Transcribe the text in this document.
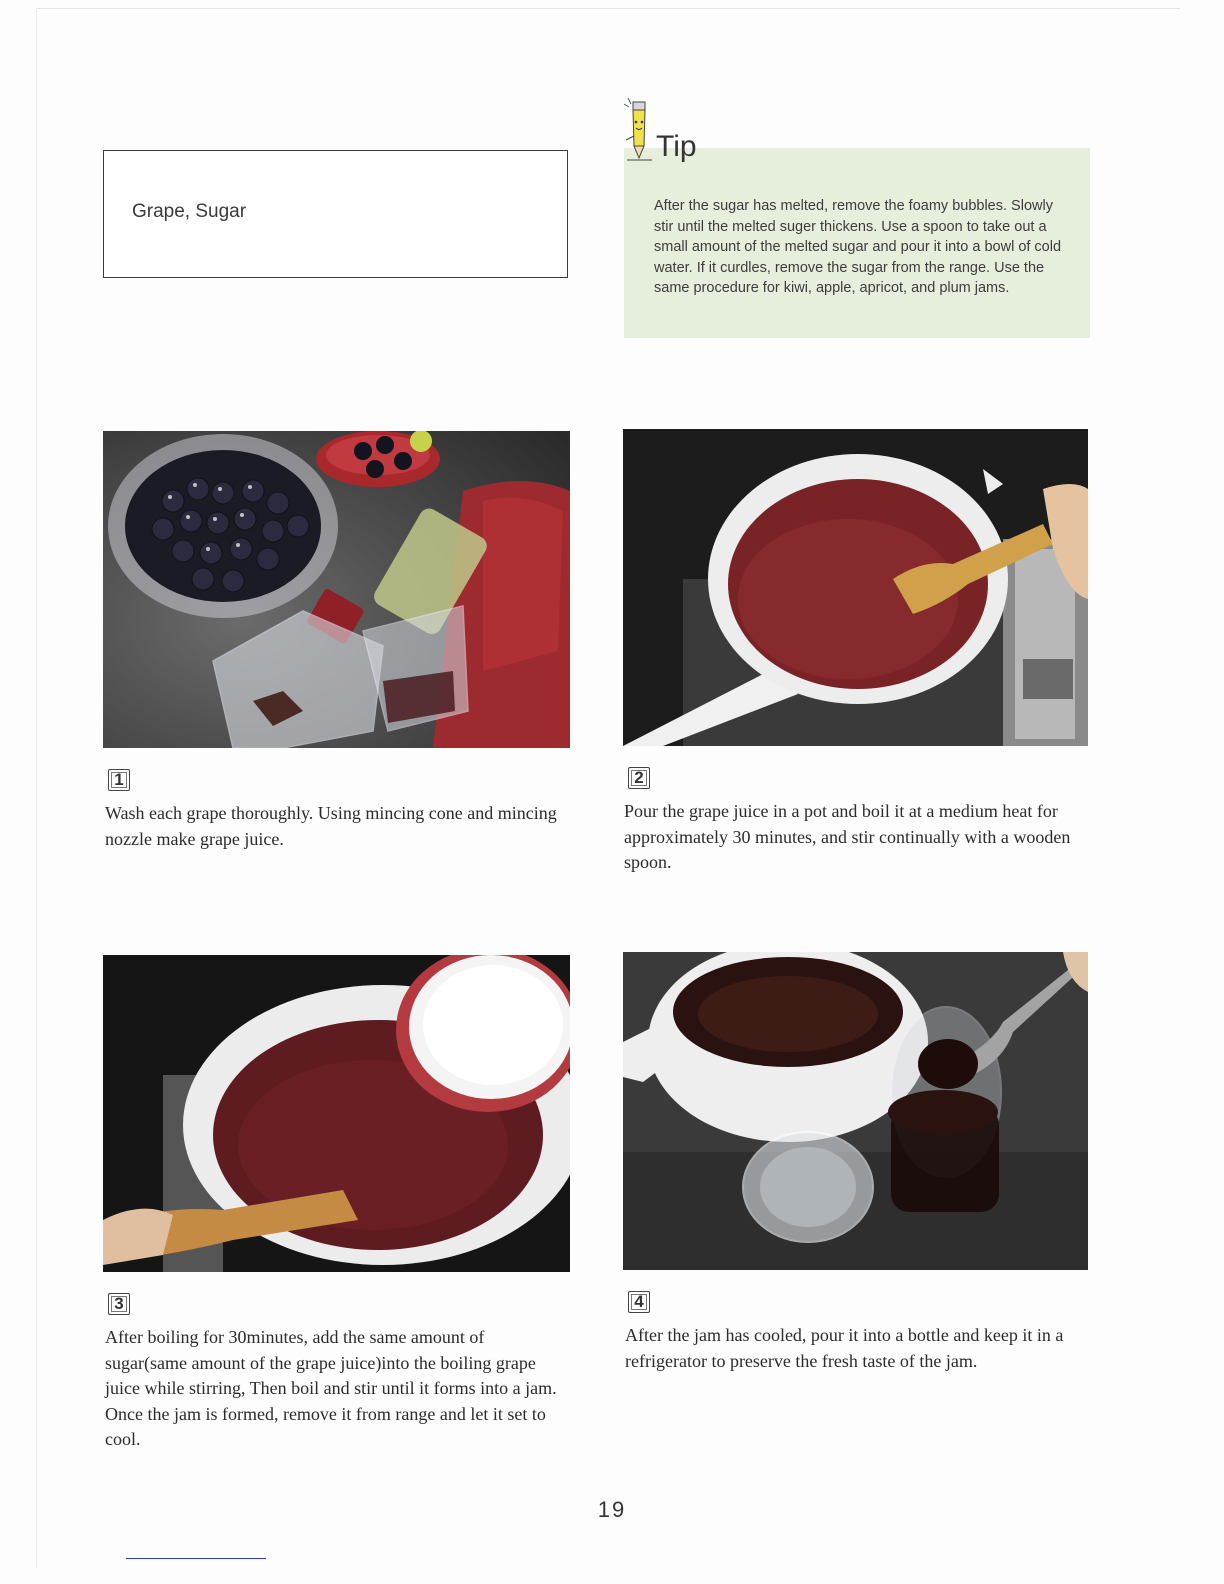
Grape, Sugar
Tip
After the sugar has melted, remove the foamy bubbles. Slowly stir until the melted suger thickens. Use a spoon to take out a small amount of the melted sugar and pour it into a bowl of cold water. If it curdles, remove the sugar from the range. Use the same procedure for kiwi, apple, apricot, and plum jams.
1
Wash each grape thoroughly. Using mincing cone and mincing nozzle make grape juice.
2
Pour the grape juice in a pot and boil it at a medium heat for approximately 30 minutes, and stir continually with a wooden spoon.
3
After boiling for 30minutes, add the same amount of sugar(same amount of the grape juice)into the boiling grape juice while stirring, Then boil and stir until it forms into a jam. Once the jam is formed, remove it from range and let it set to cool.
4
After the jam has cooled, pour it into a bottle and keep it in a refrigerator to preserve the fresh taste of the jam.
19
